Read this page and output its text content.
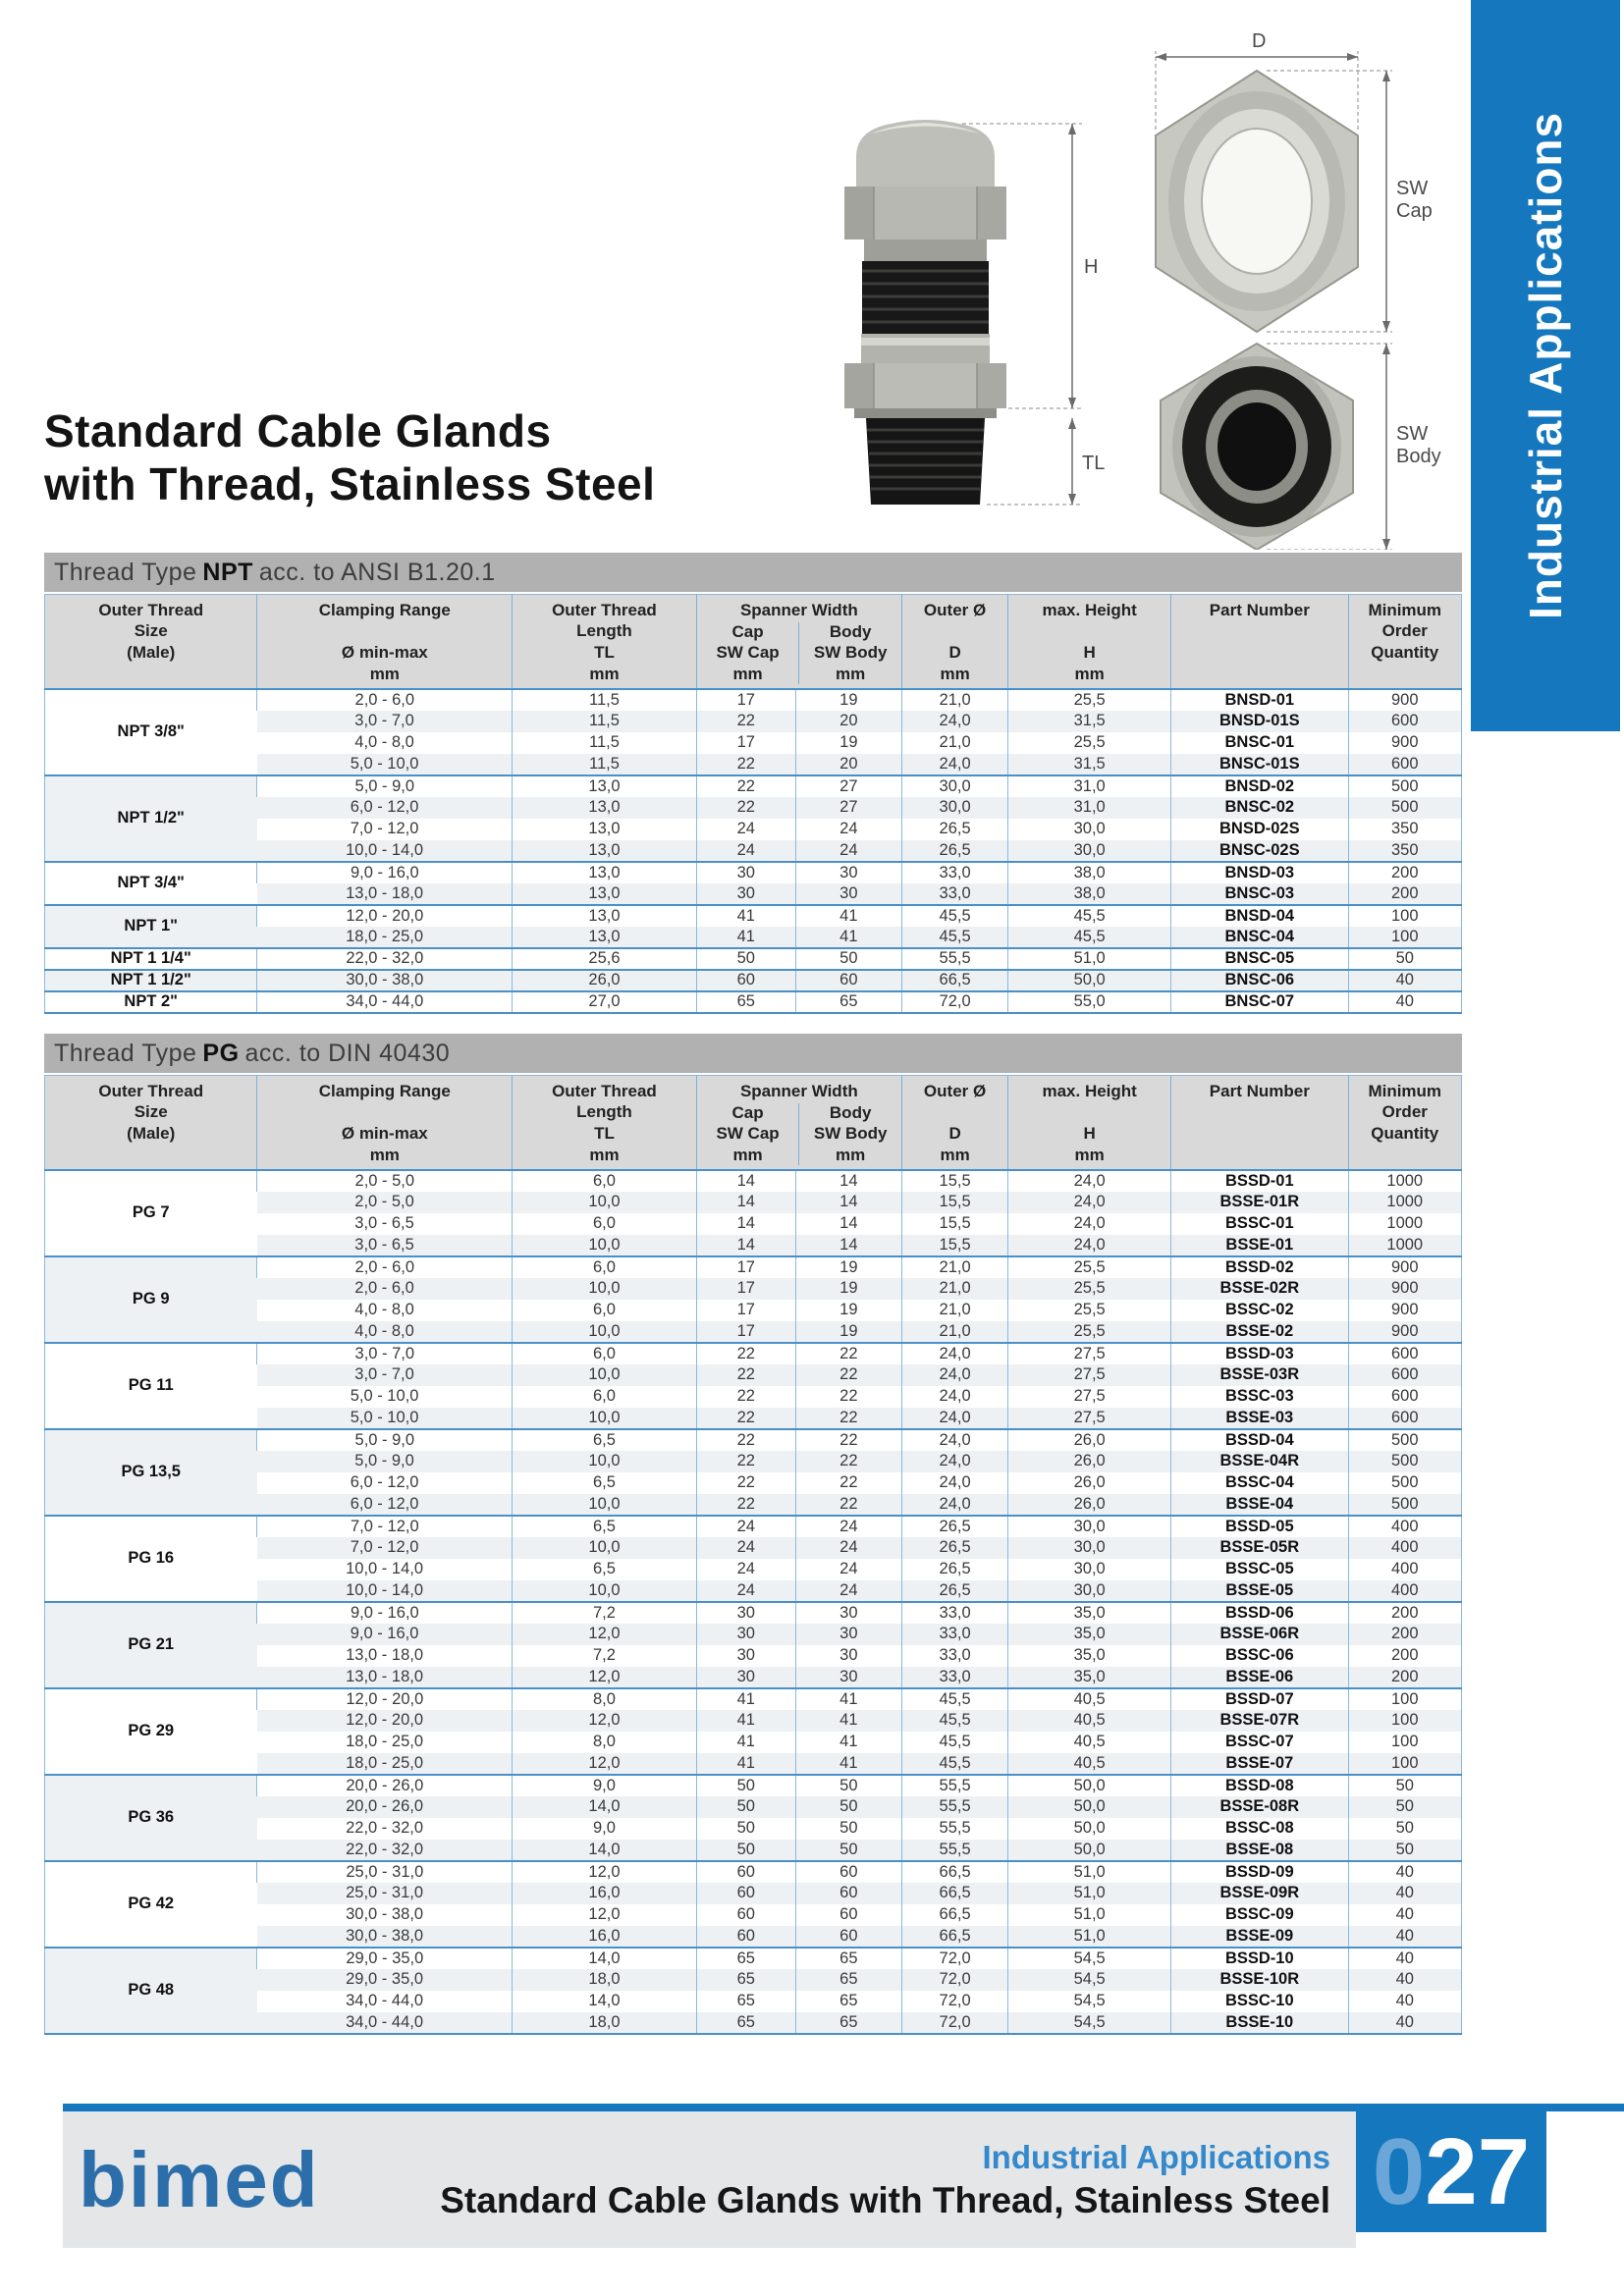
Industrial Applications
Standard Cable Glands
with Thread, Stainless Steel
H
TL
D
SW
Cap
SW
Body
Thread Type NPT acc. to ANSI B1.20.1
Outer Thread
Size
(Male)

Clamping Range
Ø min-max
mm

Outer Thread
Length
TL
mm

Spanner Width
Cap
SW Cap
mm
Body
SW Body
mm

Outer Ø
D
mm

max. Height
H
mm

Part Number	Minimum
Order
Quantity

NPT 3/8"	2,0 - 6,0	11,5	17	19	21,0	25,5	BNSD-01	900
	3,0 - 7,0	11,5	22	20	24,0	31,5	BNSD-01S	600
	4,0 - 8,0	11,5	17	19	21,0	25,5	BNSC-01	900
	5,0 - 10,0	11,5	22	20	24,0	31,5	BNSC-01S	600
NPT 1/2"	5,0 - 9,0	13,0	22	27	30,0	31,0	BNSD-02	500
	6,0 - 12,0	13,0	22	27	30,0	31,0	BNSC-02	500
	7,0 - 12,0	13,0	24	24	26,5	30,0	BNSD-02S	350
	10,0 - 14,0	13,0	24	24	26,5	30,0	BNSC-02S	350
NPT 3/4"	9,0 - 16,0	13,0	30	30	33,0	38,0	BNSD-03	200
	13,0 - 18,0	13,0	30	30	33,0	38,0	BNSC-03	200
NPT 1"	12,0 - 20,0	13,0	41	41	45,5	45,5	BNSD-04	100
	18,0 - 25,0	13,0	41	41	45,5	45,5	BNSC-04	100
NPT 1 1/4"	22,0 - 32,0	25,6	50	50	55,5	51,0	BNSC-05	50
NPT 1 1/2"	30,0 - 38,0	26,0	60	60	66,5	50,0	BNSC-06	40
NPT 2"	34,0 - 44,0	27,0	65	65	72,0	55,0	BNSC-07	40
Thread Type PG acc. to DIN 40430
Outer Thread
Size
(Male)

Clamping Range
Ø min-max
mm

Outer Thread
Length
TL
mm

Spanner Width
Cap
SW Cap
mm
Body
SW Body
mm

Outer Ø
D
mm

max. Height
H
mm

Part Number	Minimum
Order
Quantity

PG 7	2,0 - 5,0	6,0	14	14	15,5	24,0	BSSD-01	1000
	2,0 - 5,0	10,0	14	14	15,5	24,0	BSSE-01R	1000
	3,0 - 6,5	6,0	14	14	15,5	24,0	BSSC-01	1000
	3,0 - 6,5	10,0	14	14	15,5	24,0	BSSE-01	1000
PG 9	2,0 - 6,0	6,0	17	19	21,0	25,5	BSSD-02	900
	2,0 - 6,0	10,0	17	19	21,0	25,5	BSSE-02R	900
	4,0 - 8,0	6,0	17	19	21,0	25,5	BSSC-02	900
	4,0 - 8,0	10,0	17	19	21,0	25,5	BSSE-02	900
PG 11	3,0 - 7,0	6,0	22	22	24,0	27,5	BSSD-03	600
	3,0 - 7,0	10,0	22	22	24,0	27,5	BSSE-03R	600
	5,0 - 10,0	6,0	22	22	24,0	27,5	BSSC-03	600
	5,0 - 10,0	10,0	22	22	24,0	27,5	BSSE-03	600
PG 13,5	5,0 - 9,0	6,5	22	22	24,0	26,0	BSSD-04	500
	5,0 - 9,0	10,0	22	22	24,0	26,0	BSSE-04R	500
	6,0 - 12,0	6,5	22	22	24,0	26,0	BSSC-04	500
	6,0 - 12,0	10,0	22	22	24,0	26,0	BSSE-04	500
PG 16	7,0 - 12,0	6,5	24	24	26,5	30,0	BSSD-05	400
	7,0 - 12,0	10,0	24	24	26,5	30,0	BSSE-05R	400
	10,0 - 14,0	6,5	24	24	26,5	30,0	BSSC-05	400
	10,0 - 14,0	10,0	24	24	26,5	30,0	BSSE-05	400
PG 21	9,0 - 16,0	7,2	30	30	33,0	35,0	BSSD-06	200
	9,0 - 16,0	12,0	30	30	33,0	35,0	BSSE-06R	200
	13,0 - 18,0	7,2	30	30	33,0	35,0	BSSC-06	200
	13,0 - 18,0	12,0	30	30	33,0	35,0	BSSE-06	200
PG 29	12,0 - 20,0	8,0	41	41	45,5	40,5	BSSD-07	100
	12,0 - 20,0	12,0	41	41	45,5	40,5	BSSE-07R	100
	18,0 - 25,0	8,0	41	41	45,5	40,5	BSSC-07	100
	18,0 - 25,0	12,0	41	41	45,5	40,5	BSSE-07	100
PG 36	20,0 - 26,0	9,0	50	50	55,5	50,0	BSSD-08	50
	20,0 - 26,0	14,0	50	50	55,5	50,0	BSSE-08R	50
	22,0 - 32,0	9,0	50	50	55,5	50,0	BSSC-08	50
	22,0 - 32,0	14,0	50	50	55,5	50,0	BSSE-08	50
PG 42	25,0 - 31,0	12,0	60	60	66,5	51,0	BSSD-09	40
	25,0 - 31,0	16,0	60	60	66,5	51,0	BSSE-09R	40
	30,0 - 38,0	12,0	60	60	66,5	51,0	BSSC-09	40
	30,0 - 38,0	16,0	60	60	66,5	51,0	BSSE-09	40
PG 48	29,0 - 35,0	14,0	65	65	72,0	54,5	BSSD-10	40
	29,0 - 35,0	18,0	65	65	72,0	54,5	BSSE-10R	40
	34,0 - 44,0	14,0	65	65	72,0	54,5	BSSC-10	40
	34,0 - 44,0	18,0	65	65	72,0	54,5	BSSE-10	40
bimed	Industrial Applications
Standard Cable Glands with Thread, Stainless Steel 0 27
